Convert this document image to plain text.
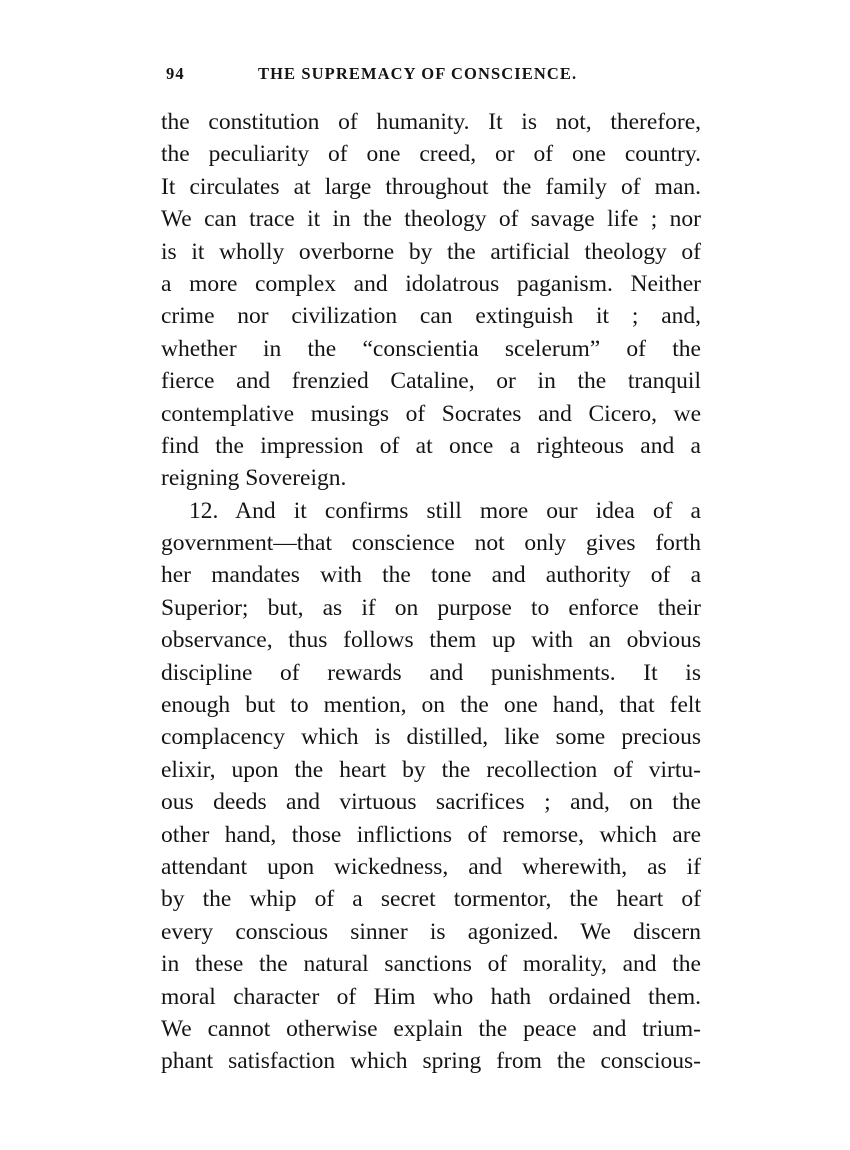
94	THE SUPREMACY OF CONSCIENCE.
the constitution of humanity. It is not, therefore,
the peculiarity of one creed, or of one country.
It circulates at large throughout the family of man.
We can trace it in the theology of savage life ; nor
is it wholly overborne by the artificial theology of
a more complex and idolatrous paganism. Neither
crime nor civilization can extinguish it ; and,
whether in the “conscientia scelerum” of the
fierce and frenzied Cataline, or in the tranquil
contemplative musings of Socrates and Cicero, we
find the impression of at once a righteous and a
reigning Sovereign.
12. And it confirms still more our idea of a
government—that conscience not only gives forth
her mandates with the tone and authority of a
Superior; but, as if on purpose to enforce their
observance, thus follows them up with an obvious
discipline of rewards and punishments. It is
enough but to mention, on the one hand, that felt
complacency which is distilled, like some precious
elixir, upon the heart by the recollection of virtu-
ous deeds and virtuous sacrifices ; and, on the
other hand, those inflictions of remorse, which are
attendant upon wickedness, and wherewith, as if
by the whip of a secret tormentor, the heart of
every conscious sinner is agonized. We discern
in these the natural sanctions of morality, and the
moral character of Him who hath ordained them.
We cannot otherwise explain the peace and trium-
phant satisfaction which spring from the conscious-
